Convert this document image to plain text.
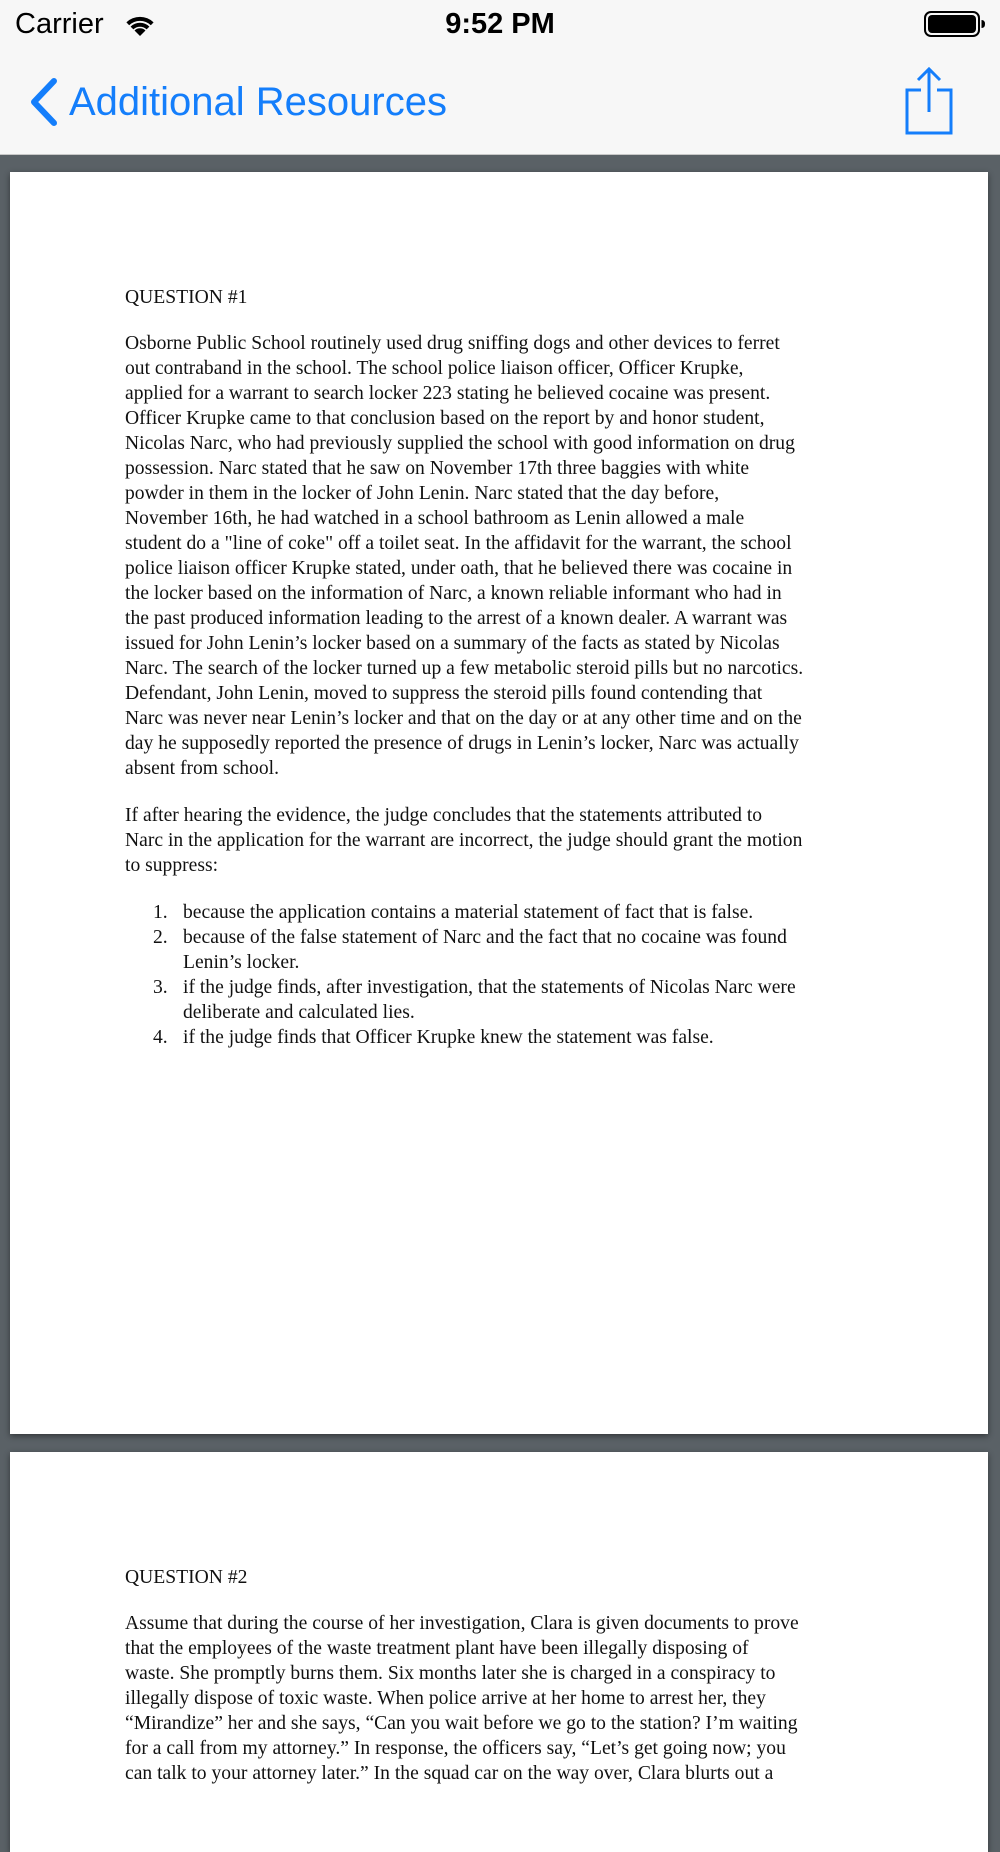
Carrier	9:52 PM
Additional Resources

QUESTION #1

Osborne Public School routinely used drug sniffing dogs and other devices to ferret
out contraband in the school. The school police liaison officer, Officer Krupke,
applied for a warrant to search locker 223 stating he believed cocaine was present.
Officer Krupke came to that conclusion based on the report by and honor student,
Nicolas Narc, who had previously supplied the school with good information on drug
possession. Narc stated that he saw on November 17th three baggies with white
powder in them in the locker of John Lenin. Narc stated that the day before,
November 16th, he had watched in a school bathroom as Lenin allowed a male
student do a "line of coke" off a toilet seat. In the affidavit for the warrant, the school
police liaison officer Krupke stated, under oath, that he believed there was cocaine in
the locker based on the information of Narc, a known reliable informant who had in
the past produced information leading to the arrest of a known dealer. A warrant was
issued for John Lenin’s locker based on a summary of the facts as stated by Nicolas
Narc. The search of the locker turned up a few metabolic steroid pills but no narcotics.
Defendant, John Lenin, moved to suppress the steroid pills found contending that
Narc was never near Lenin’s locker and that on the day or at any other time and on the
day he supposedly reported the presence of drugs in Lenin’s locker, Narc was actually
absent from school.

If after hearing the evidence, the judge concludes that the statements attributed to
Narc in the application for the warrant are incorrect, the judge should grant the motion
to suppress:

1. because the application contains a material statement of fact that is false.
2. because of the false statement of Narc and the fact that no cocaine was found
Lenin’s locker.
3. if the judge finds, after investigation, that the statements of Nicolas Narc were
deliberate and calculated lies.
4. if the judge finds that Officer Krupke knew the statement was false.

QUESTION #2

Assume that during the course of her investigation, Clara is given documents to prove
that the employees of the waste treatment plant have been illegally disposing of
waste. She promptly burns them. Six months later she is charged in a conspiracy to
illegally dispose of toxic waste. When police arrive at her home to arrest her, they
“Mirandize” her and she says, “Can you wait before we go to the station? I’m waiting
for a call from my attorney.” In response, the officers say, “Let’s get going now; you
can talk to your attorney later.” In the squad car on the way over, Clara blurts out a
